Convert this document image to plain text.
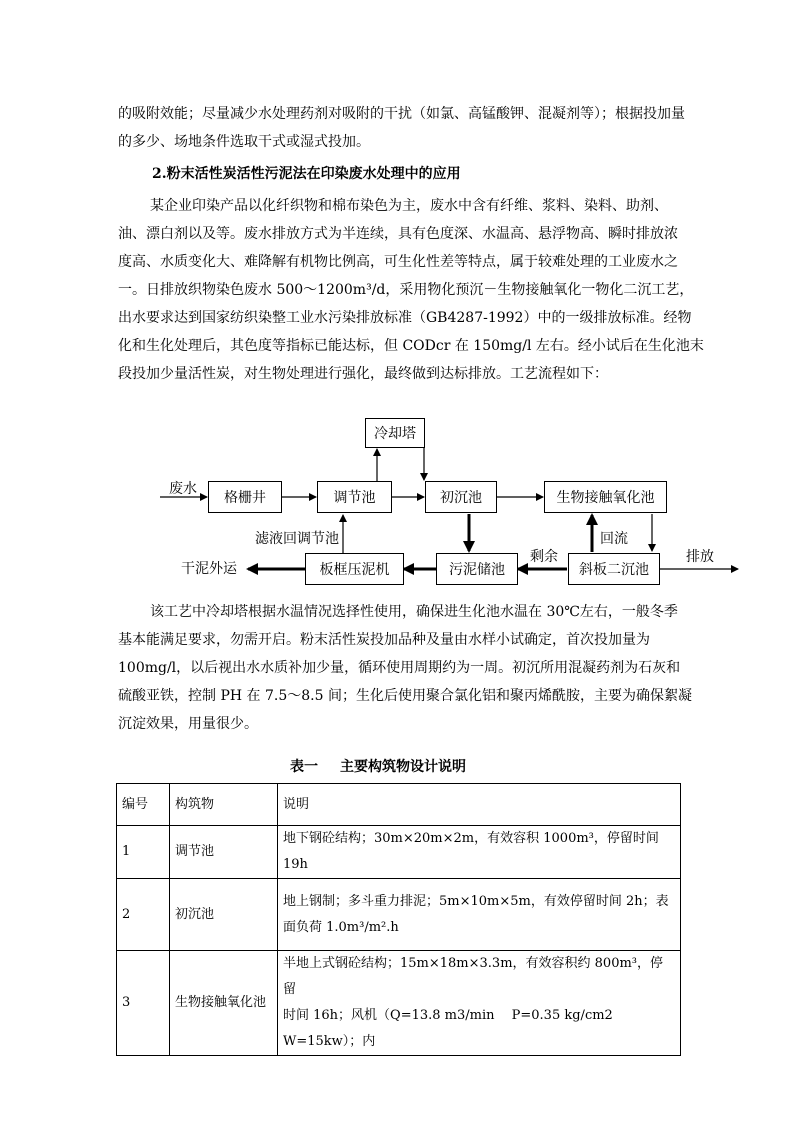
的吸附效能；尽量减少水处理药剂对吸附的干扰（如氯、高锰酸钾、混凝剂等）；根据投加量
的多少、场地条件选取干式或湿式投加。
2.粉末活性炭活性污泥法在印染废水处理中的应用
某企业印染产品以化纤织物和棉布染色为主，废水中含有纤维、浆料、染料、助剂、
油、漂白剂以及等。废水排放方式为半连续，具有色度深、水温高、悬浮物高、瞬时排放浓
度高、水质变化大、难降解有机物比例高，可生化性差等特点，属于较难处理的工业废水之
一。日排放织物染色废水 500～1200m³/d，采用物化预沉－生物接触氧化一物化二沉工艺，
出水要求达到国家纺织染整工业水污染排放标准（GB4287-1992）中的一级排放标准。经物
化和生化处理后，其色度等指标已能达标，但 CODcr 在 150mg/l 左右。经小试后在生化池末
段投加少量活性炭，对生物处理进行强化，最终做到达标排放。工艺流程如下：
冷却塔
废水
格栅井	调节池	初沉池	生物接触氧化池
滤液回调节池	回流
干泥外运	板框压泥机	污泥储池
剩余
斜板二沉池
排放
该工艺中冷却塔根据水温情况选择性使用，确保进生化池水温在 30℃左右，一般冬季
基本能满足要求，勿需开启。粉末活性炭投加品种及量由水样小试确定，首次投加量为
100mg/l，以后视出水水质补加少量，循环使用周期约为一周。初沉所用混凝药剂为石灰和
硫酸亚铁，控制 PH 在 7.5～8.5 间；生化后使用聚合氯化铝和聚丙烯酰胺，主要为确保絮凝
沉淀效果，用量很少。
表一 主要构筑物设计说明
编号	构筑物	说明
1	调节池	地下钢砼结构；30m×20m×2m，有效容积 1000m³，停留时间 19h

2	初沉池	地上钢制；多斗重力排泥；5m×10m×5m，有效停留时间 2h；表
面负荷 1.0m³/m².h

3	生物接触氧化池	半地上式钢砼结构；15m×18m×3.3m，有效容积约 800m³，停留
时间 16h；风机（Q=13.8 m3/min　 P=0.35 kg/cm2　 W=15kw）；内
